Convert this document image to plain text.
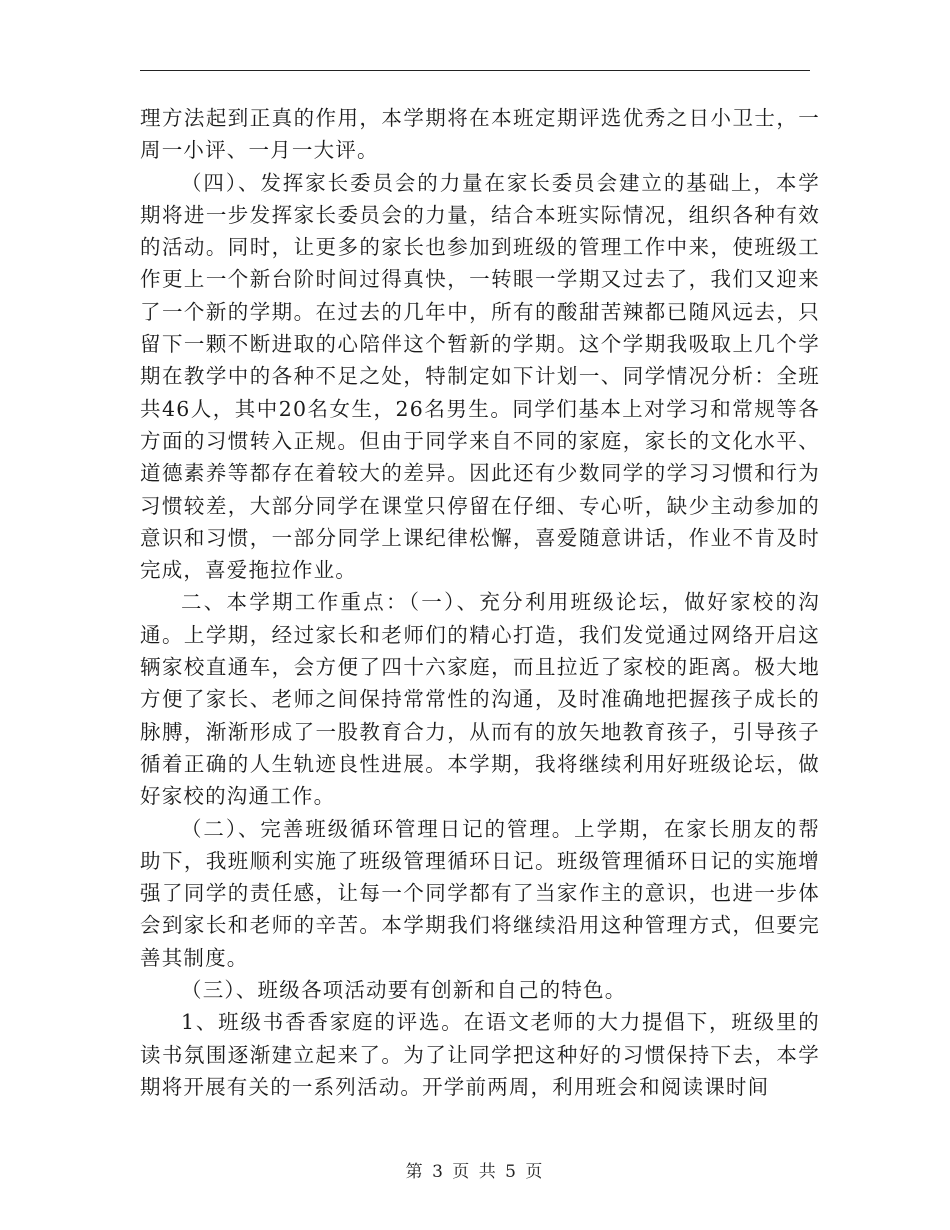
理方法起到正真的作用，本学期将在本班定期评选优秀之日小卫士，一周一小评、一月一大评。

（四）、发挥家长委员会的力量在家长委员会建立的基础上，本学期将进一步发挥家长委员会的力量，结合本班实际情况，组织各种有效的活动。同时，让更多的家长也参加到班级的管理工作中来，使班级工作更上一个新台阶时间过得真快，一转眼一学期又过去了，我们又迎来了一个新的学期。在过去的几年中，所有的酸甜苦辣都已随风远去，只留下一颗不断进取的心陪伴这个暂新的学期。这个学期我吸取上几个学期在教学中的各种不足之处，特制定如下计划一、同学情况分析：全班共46人，其中20名女生，26名男生。同学们基本上对学习和常规等各方面的习惯转入正规。但由于同学来自不同的家庭，家长的文化水平、道德素养等都存在着较大的差异。因此还有少数同学的学习习惯和行为习惯较差，大部分同学在课堂只停留在仔细、专心听，缺少主动参加的意识和习惯，一部分同学上课纪律松懈，喜爱随意讲话，作业不肯及时完成，喜爱拖拉作业。

二、本学期工作重点：（一）、充分利用班级论坛，做好家校的沟通。上学期，经过家长和老师们的精心打造，我们发觉通过网络开启这辆家校直通车，会方便了四十六家庭，而且拉近了家校的距离。极大地方便了家长、老师之间保持常常性的沟通，及时准确地把握孩子成长的脉膊，渐渐形成了一股教育合力，从而有的放矢地教育孩子，引导孩子循着正确的人生轨迹良性进展。本学期，我将继续利用好班级论坛，做好家校的沟通工作。

（二）、完善班级循环管理日记的管理。上学期，在家长朋友的帮助下，我班顺利实施了班级管理循环日记。班级管理循环日记的实施增强了同学的责任感，让每一个同学都有了当家作主的意识，也进一步体会到家长和老师的辛苦。本学期我们将继续沿用这种管理方式，但要完善其制度。

（三）、班级各项活动要有创新和自己的特色。

1、班级书香香家庭的评选。在语文老师的大力提倡下，班级里的读书氛围逐渐建立起来了。为了让同学把这种好的习惯保持下去，本学期将开展有关的一系列活动。开学前两周，利用班会和阅读课时间

第 3 页 共 5 页
